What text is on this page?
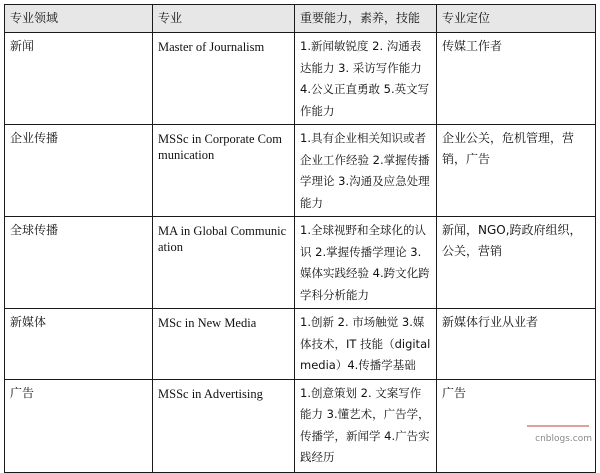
专业领域	专业	重要能力，素养，技能	专业定位
新闻	Master of Journalism	1.新闻敏锐度 2. 沟通表达能力 3. 采访写作能力 4.公义正直勇敢 5.英文写作能力	传媒工作者
企业传播	MSSc in Corporate Communication	1.具有企业相关知识或者企业工作经验 2.掌握传播学理论 3.沟通及应急处理能力	企业公关，危机管理，营销，广告
全球传播	MA in Global Communication	1.全球视野和全球化的认识 2.掌握传播学理论 3.媒体实践经验 4.跨文化跨学科分析能力	新闻，NGO,跨政府组织，公关，营销
新媒体	MSc in New Media	1.创新 2. 市场触觉 3.媒体技术，IT 技能（digital media）4.传播学基础	新媒体行业从业者
广告	MSSc in Advertising	1.创意策划 2. 文案写作能力 3.懂艺术，广告学，传播学，新闻学 4.广告实践经历	广告
cnblogs.com
